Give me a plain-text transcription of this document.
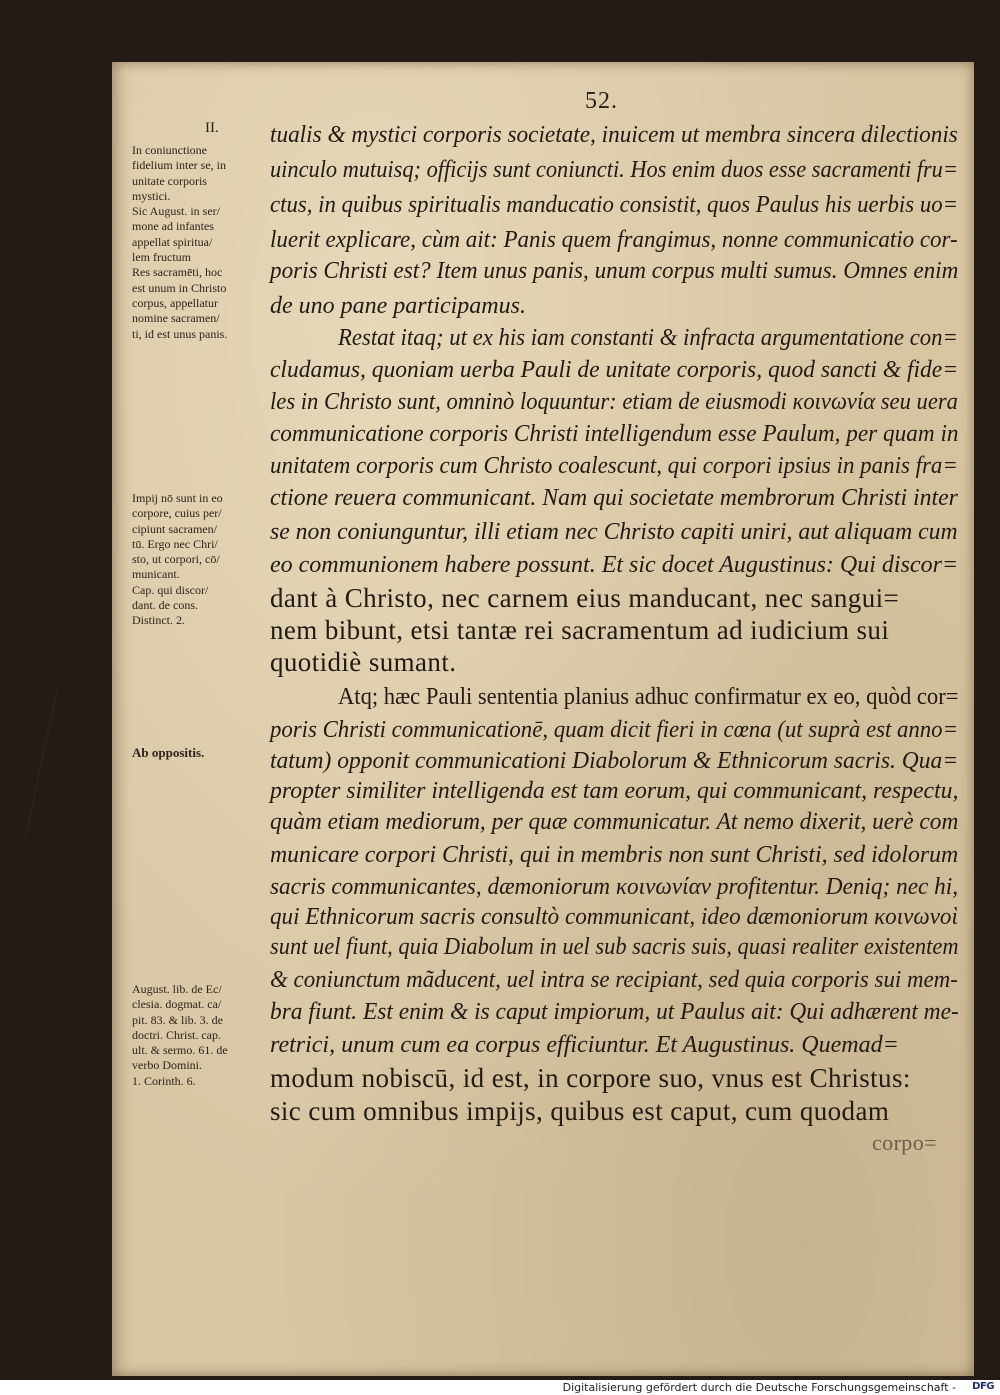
52.
II.
In coniunctione
fidelium inter se, in
unitate corporis
mystici.
Sic August. in ser/
mone ad infantes
appellat spiritua/
lem fructum
Res sacramēti, hoc
est unum in Christo
corpus, appellatur
nomine sacramen/
ti, id est unus panis.
Impij nō sunt in eo
corpore, cuius per/
cipiunt sacramen/
tū. Ergo nec Chri/
sto, ut corpori, cō/
municant.
Cap. qui discor/
dant. de cons.
Distinct. 2.
Ab oppositis.
August. lib. de Ec/
clesia. dogmat. ca/
pit. 83. & lib. 3. de
doctri. Christ. cap.
ult. & sermo. 61. de
verbo Domini.
1. Corinth. 6.
tualis & mystici corporis societate, inuicem ut membra sincera dilectionis
uinculo mutuisq; officijs sunt coniuncti. Hos enim duos esse sacramenti fru=
ctus, in quibus spiritualis manducatio consistit, quos Paulus his uerbis uo=
luerit explicare, cùm ait: Panis quem frangimus, nonne communicatio cor-
poris Christi est? Item unus panis, unum corpus multi sumus. Omnes enim
de uno pane participamus.
Restat itaq; ut ex his iam constanti & infracta argumentatione con=
cludamus, quoniam uerba Pauli de unitate corporis, quod sancti & fide=
les in Christo sunt, omninò loquuntur: etiam de eiusmodi κοινωνία seu uera
communicatione corporis Christi intelligendum esse Paulum, per quam in
unitatem corporis cum Christo coalescunt, qui corpori ipsius in panis fra=
ctione reuera communicant. Nam qui societate membrorum Christi inter
se non coniunguntur, illi etiam nec Christo capiti uniri, aut aliquam cum
eo communionem habere possunt. Et sic docet Augustinus: Qui discor=
dant à Christo, nec carnem eius manducant, nec sangui=
nem bibunt, etsi tantæ rei sacramentum ad iudicium sui
quotidiè sumant.
Atq; hæc Pauli sententia planius adhuc confirmatur ex eo, quòd cor=
poris Christi communicationē, quam dicit fieri in cœna (ut suprà est anno=
tatum) opponit communicationi Diabolorum & Ethnicorum sacris. Qua=
propter similiter intelligenda est tam eorum, qui communicant, respectu,
quàm etiam mediorum, per quæ communicatur. At nemo dixerit, uerè com
municare corpori Christi, qui in membris non sunt Christi, sed idolorum
sacris communicantes, dæmoniorum κοινωνίαν profitentur. Deniq; nec hi,
qui Ethnicorum sacris consultò communicant, ideo dæmoniorum κοινωνοὶ
sunt uel fiunt, quia Diabolum in uel sub sacris suis, quasi realiter existentem
& coniunctum mãducent, uel intra se recipiant, sed quia corporis sui mem-
bra fiunt. Est enim & is caput impiorum, ut Paulus ait: Qui adhærent me-
retrici, unum cum ea corpus efficiuntur. Et Augustinus. Quemad=
modum nobiscū, id est, in corpore suo, vnus est Christus:
sic cum omnibus impijs, quibus est caput, cum quodam
corpo=
Digitalisierung gefördert durch die Deutsche Forschungsgemeinschaft - DFG
